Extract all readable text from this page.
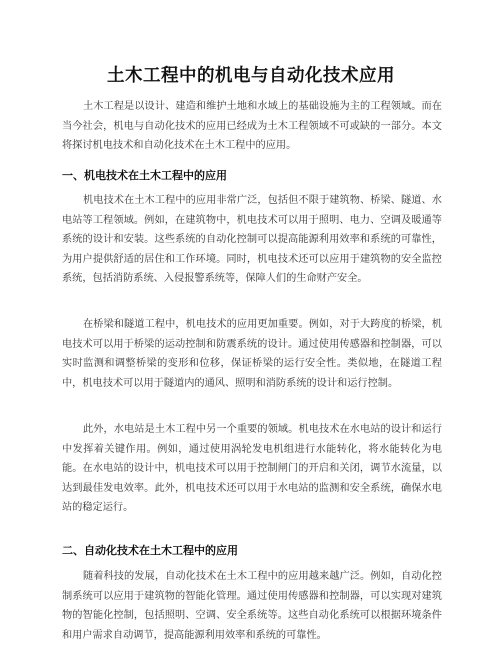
土木工程中的机电与自动化技术应用

土木工程是以设计、建造和维护土地和水域上的基础设施为主的工程领域。而在当今社会，机电与自动化技术的应用已经成为土木工程领域不可或缺的一部分。本文将探讨机电技术和自动化技术在土木工程中的应用。

一、机电技术在土木工程中的应用

机电技术在土木工程中的应用非常广泛，包括但不限于建筑物、桥梁、隧道、水电站等工程领域。例如，在建筑物中，机电技术可以用于照明、电力、空调及暖通等系统的设计和安装。这些系统的自动化控制可以提高能源利用效率和系统的可靠性，为用户提供舒适的居住和工作环境。同时，机电技术还可以应用于建筑物的安全监控系统，包括消防系统、入侵报警系统等，保障人们的生命财产安全。

在桥梁和隧道工程中，机电技术的应用更加重要。例如，对于大跨度的桥梁，机电技术可以用于桥梁的运动控制和防震系统的设计。通过使用传感器和控制器，可以实时监测和调整桥梁的变形和位移，保证桥梁的运行安全性。类似地，在隧道工程中，机电技术可以用于隧道内的通风、照明和消防系统的设计和运行控制。

此外，水电站是土木工程中另一个重要的领域。机电技术在水电站的设计和运行中发挥着关键作用。例如，通过使用涡轮发电机组进行水能转化，将水能转化为电能。在水电站的设计中，机电技术可以用于控制闸门的开启和关闭，调节水流量，以达到最佳发电效率。此外，机电技术还可以用于水电站的监测和安全系统，确保水电站的稳定运行。

二、自动化技术在土木工程中的应用

随着科技的发展，自动化技术在土木工程中的应用越来越广泛。例如，自动化控制系统可以应用于建筑物的智能化管理。通过使用传感器和控制器，可以实现对建筑物的智能化控制，包括照明、空调、安全系统等。这些自动化系统可以根据环境条件和用户需求自动调节，提高能源利用效率和系统的可靠性。
